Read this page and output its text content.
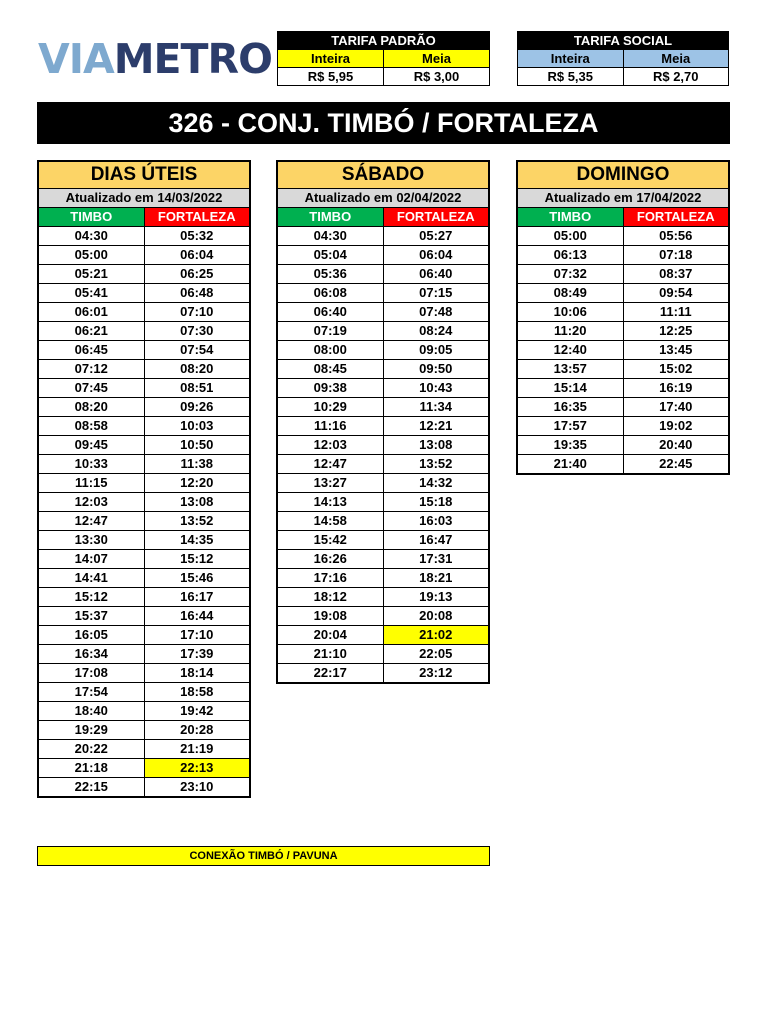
VIAMETRO	TARIFA PADRÃO	
Inteira	Meia
R$ 5,95	R$ 3,00
TARIFA SOCIAL	
Inteira	Meia
R$ 5,35	R$ 2,70
326 - CONJ. TIMBÓ / FORTALEZA
DIAS ÚTEIS	
Atualizado em 14/03/2022	
TIMBO	FORTALEZA
04:30	05:32
05:00	06:04
05:21	06:25
05:41	06:48
06:01	07:10
06:21	07:30
06:45	07:54
07:12	08:20
07:45	08:51
08:20	09:26
08:58	10:03
09:45	10:50
10:33	11:38
11:15	12:20
12:03	13:08
12:47	13:52
13:30	14:35
14:07	15:12
14:41	15:46
15:12	16:17
15:37	16:44
16:05	17:10
16:34	17:39
17:08	18:14
17:54	18:58
18:40	19:42
19:29	20:28
20:22	21:19
21:18	22:13
22:15	23:10
SÁBADO	
Atualizado em 02/04/2022	
TIMBO	FORTALEZA
04:30	05:27
05:04	06:04
05:36	06:40
06:08	07:15
06:40	07:48
07:19	08:24
08:00	09:05
08:45	09:50
09:38	10:43
10:29	11:34
11:16	12:21
12:03	13:08
12:47	13:52
13:27	14:32
14:13	15:18
14:58	16:03
15:42	16:47
16:26	17:31
17:16	18:21
18:12	19:13
19:08	20:08
20:04	21:02
21:10	22:05
22:17	23:12
DOMINGO	
Atualizado em 17/04/2022	
TIMBO	FORTALEZA
05:00	05:56
06:13	07:18
07:32	08:37
08:49	09:54
10:06	11:11
11:20	12:25
12:40	13:45
13:57	15:02
15:14	16:19
16:35	17:40
17:57	19:02
19:35	20:40
21:40	22:45
CONEXÃO TIMBÓ / PAVUNA
